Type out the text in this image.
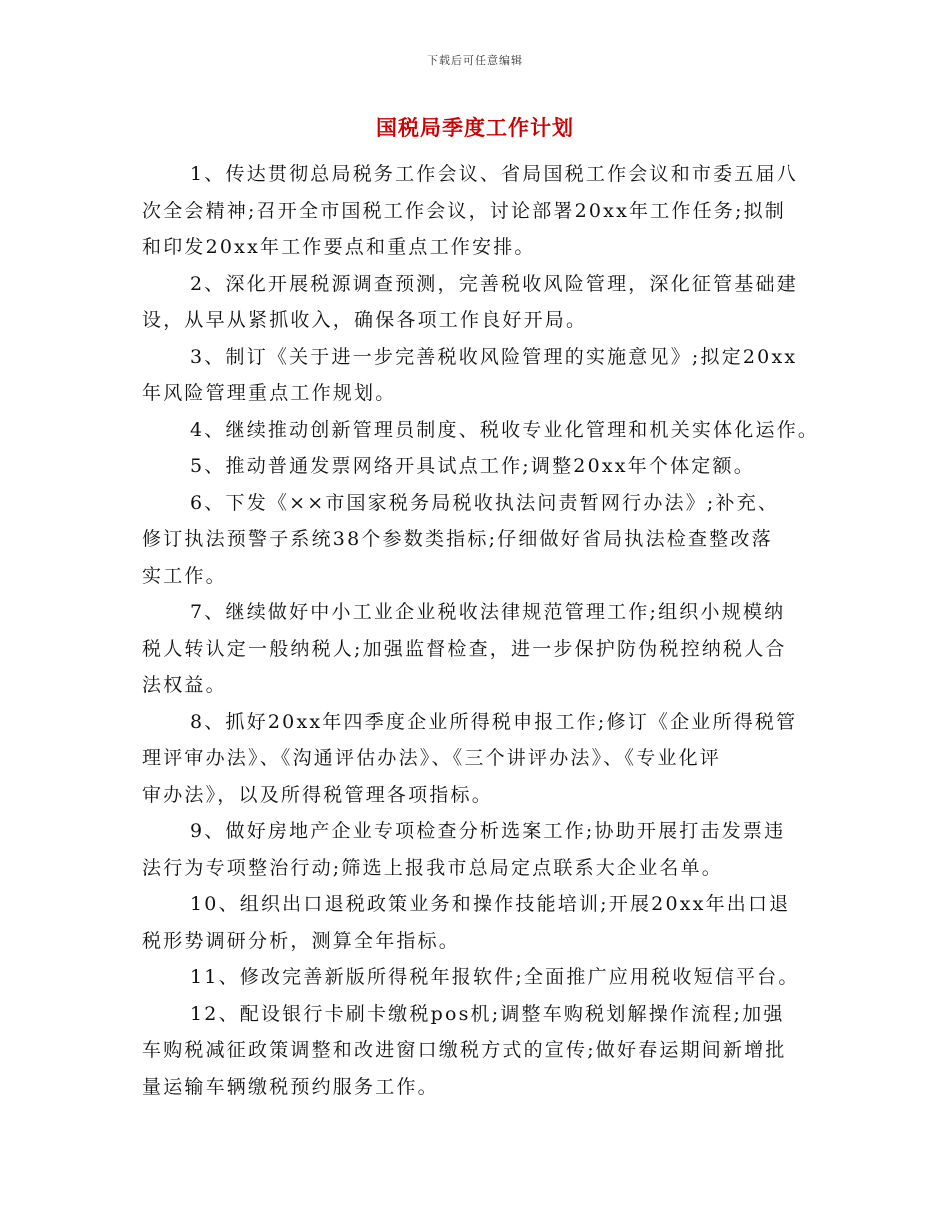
下载后可任意编辑
国税局季度工作计划

1、传达贯彻总局税务工作会议、省局国税工作会议和市委五届八
次全会精神;召开全市国税工作会议，讨论部署20xx年工作任务;拟制
和印发20xx年工作要点和重点工作安排。

2、深化开展税源调查预测，完善税收风险管理，深化征管基础建
设，从早从紧抓收入，确保各项工作良好开局。

3、制订《关于进一步完善税收风险管理的实施意见》;拟定20xx
年风险管理重点工作规划。

4、继续推动创新管理员制度、税收专业化管理和机关实体化运作。

5、推动普通发票网络开具试点工作;调整20xx年个体定额。

6、下发《××市国家税务局税收执法问责暂网行办法》;补充、
修订执法预警子系统38个参数类指标;仔细做好省局执法检查整改落
实工作。

7、继续做好中小工业企业税收法律规范管理工作;组织小规模纳
税人转认定一般纳税人;加强监督检查，进一步保护防伪税控纳税人合
法权益。

8、抓好20xx年四季度企业所得税申报工作;修订《企业所得税管
理评审办法》、《沟通评估办法》、《三个讲评办法》、《专业化评
审办法》，以及所得税管理各项指标。

9、做好房地产企业专项检查分析选案工作;协助开展打击发票违
法行为专项整治行动;筛选上报我市总局定点联系大企业名单。

10、组织出口退税政策业务和操作技能培训;开展20xx年出口退
税形势调研分析，测算全年指标。

11、修改完善新版所得税年报软件;全面推广应用税收短信平台。

12、配设银行卡刷卡缴税pos机;调整车购税划解操作流程;加强
车购税减征政策调整和改进窗口缴税方式的宣传;做好春运期间新增批
量运输车辆缴税预约服务工作。
